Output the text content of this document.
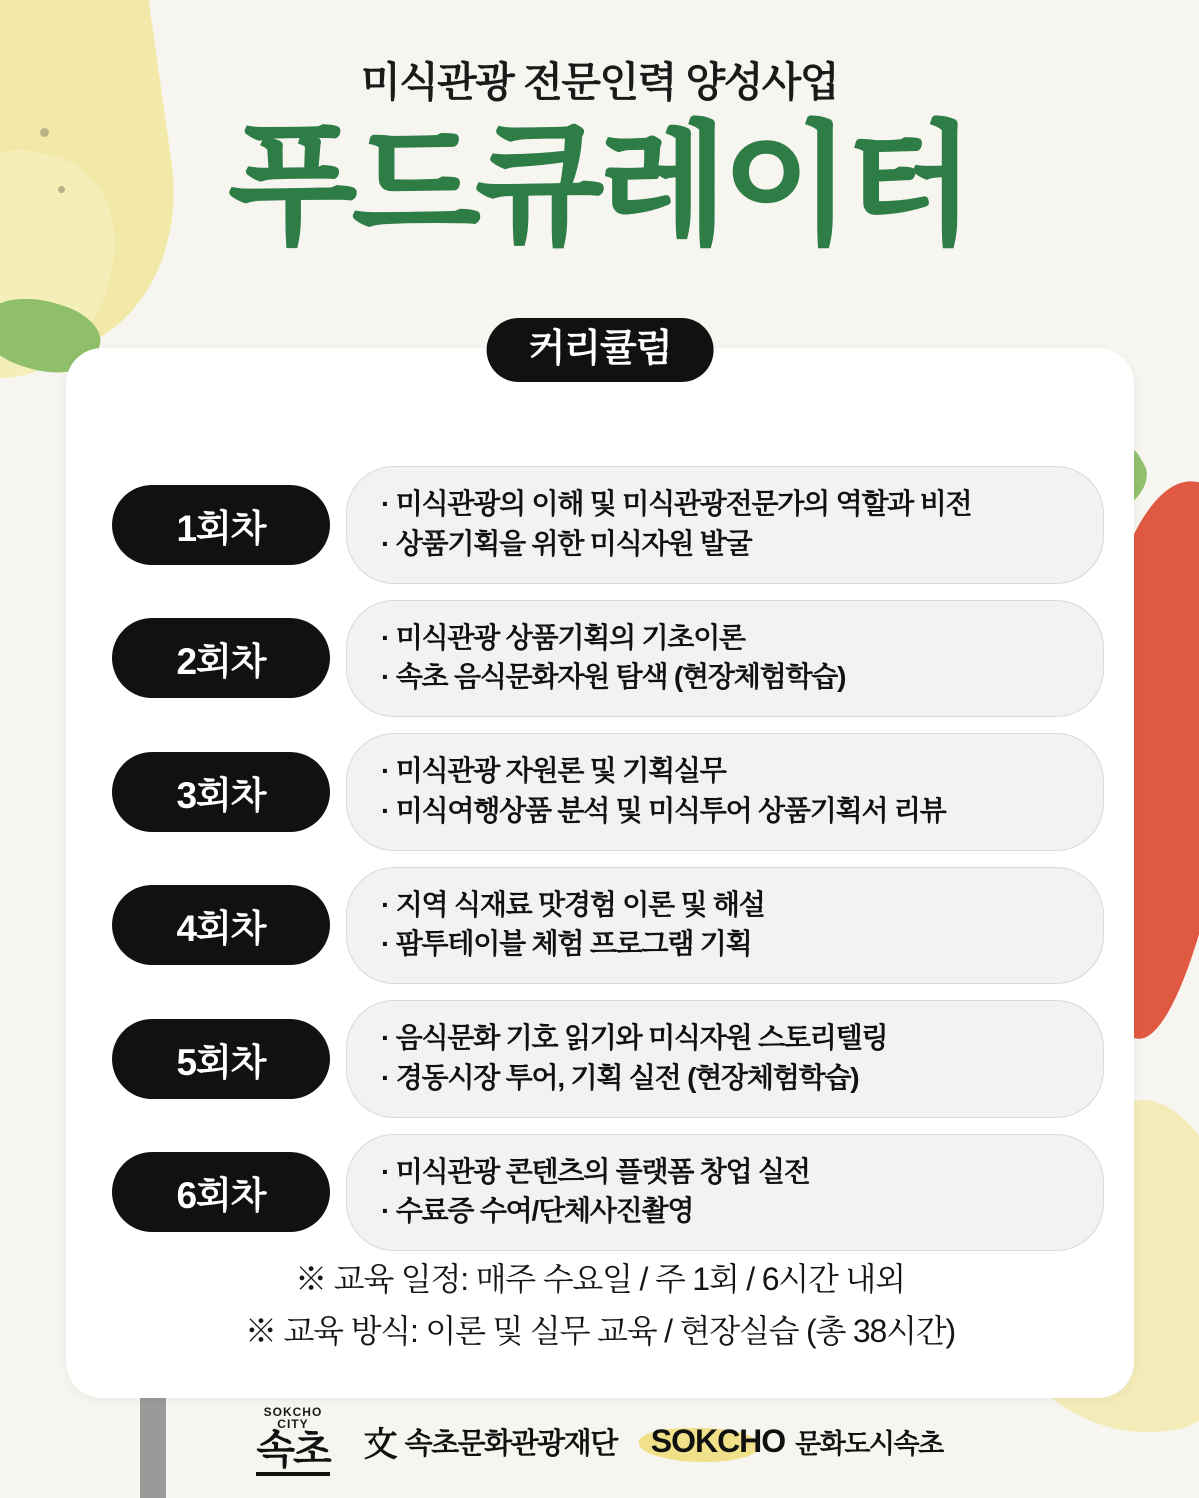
미식관광 전문인력 양성사업
푸드큐레이터
커리큘럼
1회차
· 미식관광의 이해 및 미식관광전문가의 역할과 비전
· 상품기획을 위한 미식자원 발굴
2회차
· 미식관광 상품기획의 기초이론
· 속초 음식문화자원 탐색 (현장체험학습)
3회차
· 미식관광 자원론 및 기획실무
· 미식여행상품 분석 및 미식투어 상품기획서 리뷰
4회차
· 지역 식재료 맛경험 이론 및 해설
· 팜투테이블 체험 프로그램 기획
5회차
· 음식문화 기호 읽기와 미식자원 스토리텔링
· 경동시장 투어, 기획 실전 (현장체험학습)
6회차
· 미식관광 콘텐츠의 플랫폼 창업 실전
· 수료증 수여/단체사진촬영
※ 교육 일정: 매주 수요일 / 주 1회 / 6시간 내외
※ 교육 방식: 이론 및 실무 교육 / 현장실습 (총 38시간)
SOKCHO
CITY
속초 文 속초문화관광재단 SOKCHO 문화도시속초
